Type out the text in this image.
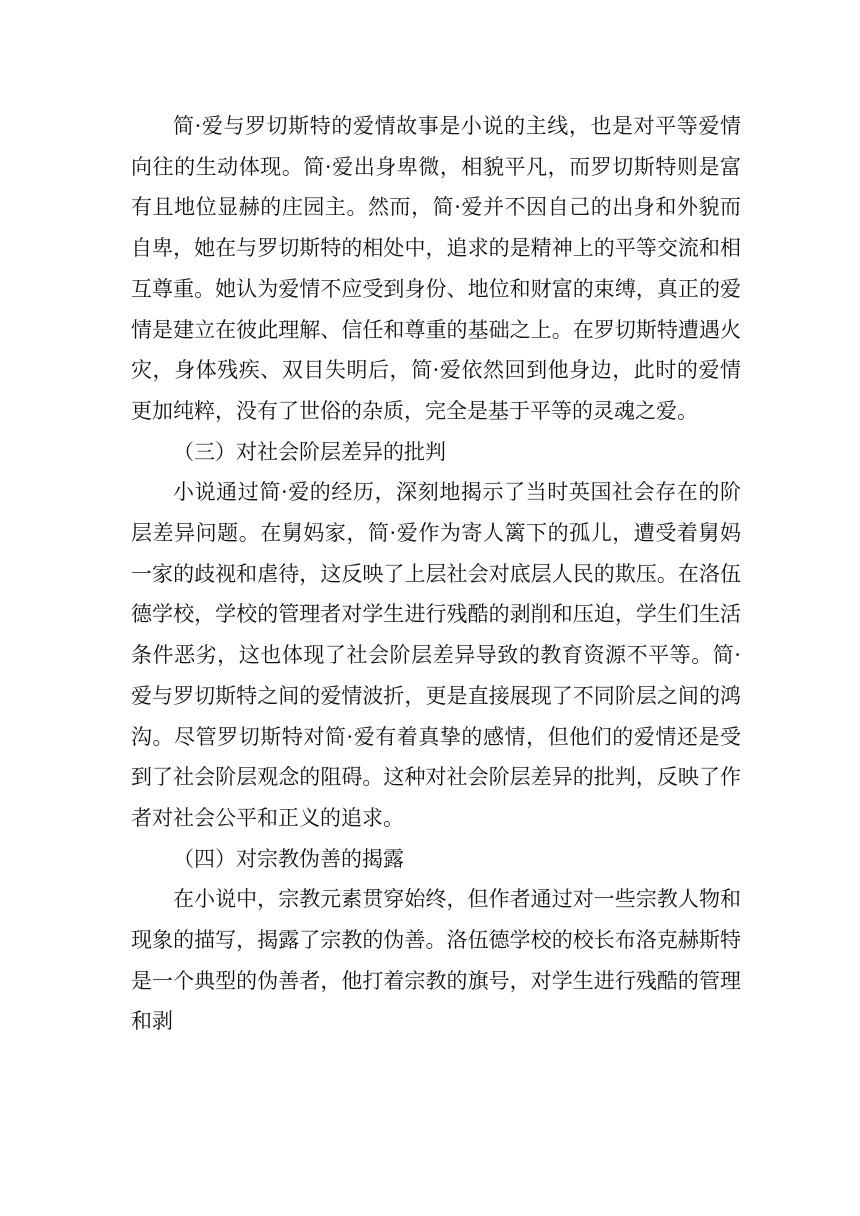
简·爱与罗切斯特的爱情故事是小说的主线，也是对平等爱情向往的生动体现。简·爱出身卑微，相貌平凡，而罗切斯特则是富有且地位显赫的庄园主。然而，简·爱并不因自己的出身和外貌而自卑，她在与罗切斯特的相处中，追求的是精神上的平等交流和相互尊重。她认为爱情不应受到身份、地位和财富的束缚，真正的爱情是建立在彼此理解、信任和尊重的基础之上。在罗切斯特遭遇火灾，身体残疾、双目失明后，简·爱依然回到他身边，此时的爱情更加纯粹，没有了世俗的杂质，完全是基于平等的灵魂之爱。

（三）对社会阶层差异的批判

小说通过简·爱的经历，深刻地揭示了当时英国社会存在的阶层差异问题。在舅妈家，简·爱作为寄人篱下的孤儿，遭受着舅妈一家的歧视和虐待，这反映了上层社会对底层人民的欺压。在洛伍德学校，学校的管理者对学生进行残酷的剥削和压迫，学生们生活条件恶劣，这也体现了社会阶层差异导致的教育资源不平等。简·爱与罗切斯特之间的爱情波折，更是直接展现了不同阶层之间的鸿沟。尽管罗切斯特对简·爱有着真挚的感情，但他们的爱情还是受到了社会阶层观念的阻碍。这种对社会阶层差异的批判，反映了作者对社会公平和正义的追求。

（四）对宗教伪善的揭露

在小说中，宗教元素贯穿始终，但作者通过对一些宗教人物和现象的描写，揭露了宗教的伪善。洛伍德学校的校长布洛克赫斯特是一个典型的伪善者，他打着宗教的旗号，对学生进行残酷的管理和剥
